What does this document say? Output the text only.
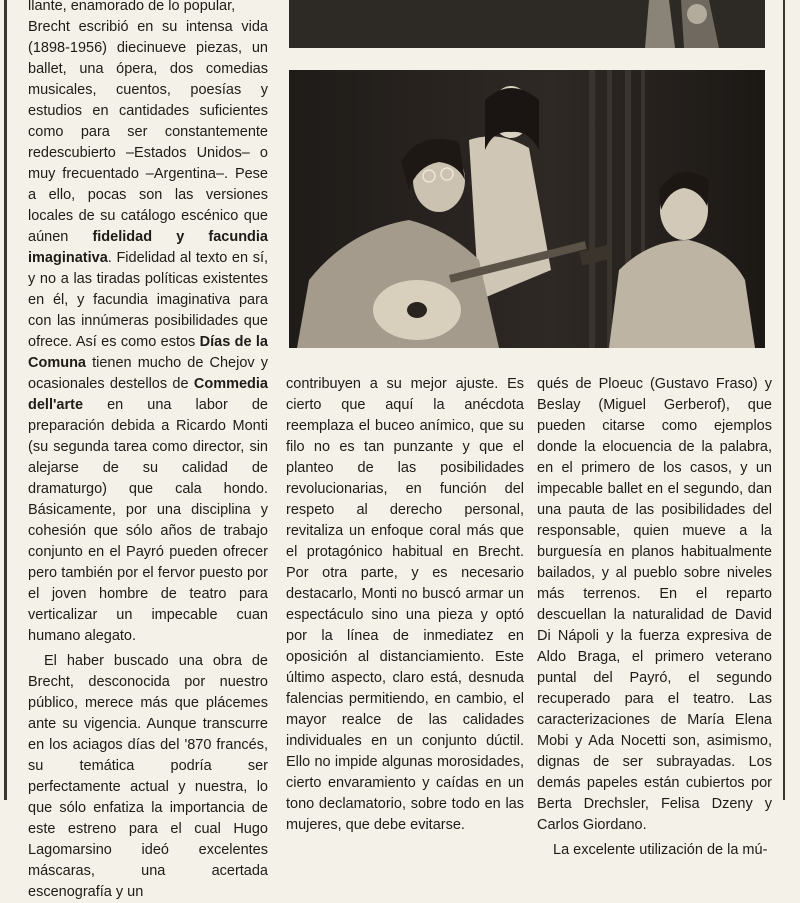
llante, enamorado de lo popular,

Brecht escribió en su intensa vida (1898-1956) diecinueve piezas, un ballet, una ópera, dos comedias musicales, cuentos, poesías y estudios en cantidades suficientes como para ser constantemente redescubierto –Estados Unidos– o muy frecuentado –Argentina–. Pese a ello, pocas son las versiones locales de su catálogo escénico que aúnen fidelidad y facundia imaginativa. Fidelidad al texto en sí, y no a las tiradas políticas existentes en él, y facundia imaginativa para con las innúmeras posibilidades que ofrece. Así es como estos Días de la Comuna tienen mucho de Chejov y ocasionales destellos de Commedia dell'arte en una labor de preparación debida a Ricardo Monti (su segunda tarea como director, sin alejarse de su calidad de dramaturgo) que cala hondo. Básicamente, por una disciplina y cohesión que sólo años de trabajo conjunto en el Payró pueden ofrecer pero también por el fervor puesto por el joven hombre de teatro para verticalizar un impecable cuan humano alegato.

El haber buscado una obra de Brecht, desconocida por nuestro público, merece más que plácemes ante su vigencia. Aunque transcurre en los aciagos días del '870 francés, su temática podría ser perfectamente actual y nuestra, lo que sólo enfatiza la importancia de este estreno para el cual Hugo Lagomarsino ideó excelentes máscaras, una acertada escenografía y un

contribuyen a su mejor ajuste. Es cierto que aquí la anécdota reemplaza el buceo anímico, que su filo no es tan punzante y que el planteo de las posibilidades revolucionarias, en función del respeto al derecho personal, revitaliza un enfoque coral más que el protagónico habitual en Brecht. Por otra parte, y es necesario destacarlo, Monti no buscó armar un espectáculo sino una pieza y optó por la línea de inmediatez en oposición al distanciamiento. Este último aspecto, claro está, desnuda falencias permitiendo, en cambio, el mayor realce de las calidades individuales en un conjunto dúctil. Ello no impide algunas morosidades, cierto envaramiento y caídas en un tono declamatorio, sobre todo en las mujeres, que debe evitarse.

qués de Ploeuc (Gustavo Fraso) y Beslay (Miguel Gerberof), que pueden citarse como ejemplos donde la elocuencia de la palabra, en el primero de los casos, y un impecable ballet en el segundo, dan una pauta de las posibilidades del responsable, quien mueve a la burguesía en planos habitualmente bailados, y al pueblo sobre niveles más terrenos. En el reparto descuellan la naturalidad de David Di Nápoli y la fuerza expresiva de Aldo Braga, el primero veterano puntal del Payró, el segundo recuperado para el teatro. Las caracterizaciones de María Elena Mobi y Ada Nocetti son, asimismo, dignas de ser subrayadas. Los demás papeles están cubiertos por Berta Drechsler, Felisa Dzeny y Carlos Giordano.

La excelente utilización de la mú-
